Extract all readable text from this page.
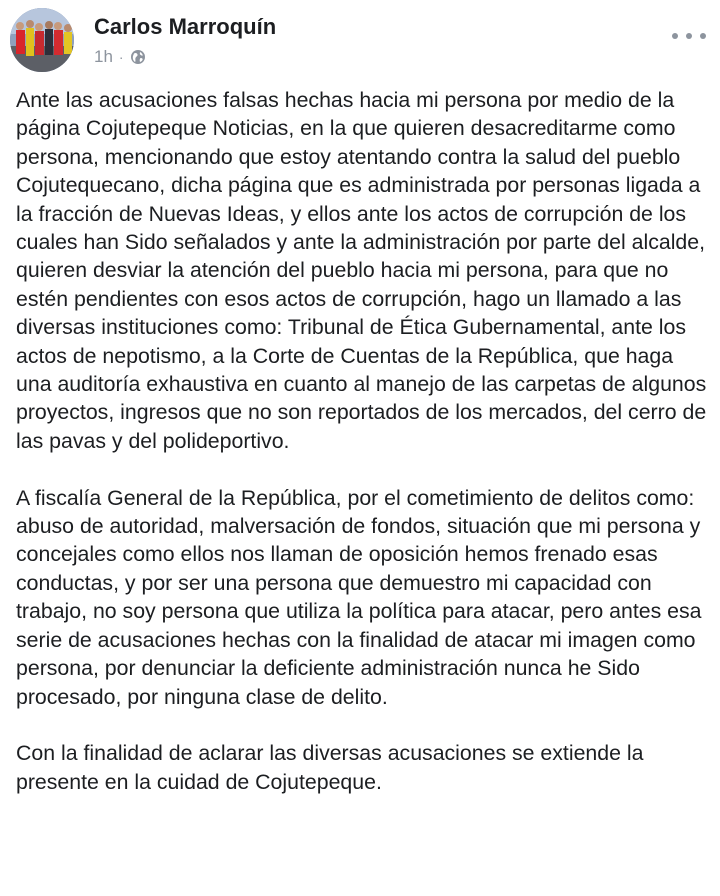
Carlos Marroquín
1h ·

Ante las acusaciones falsas hechas hacia mi persona por medio de la página Cojutepeque Noticias, en la que quieren desacreditarme como persona, mencionando que estoy atentando contra la salud del pueblo Cojutequecano, dicha página que es administrada por personas ligada a la fracción de Nuevas Ideas, y ellos ante los actos de corrupción de los cuales han Sido señalados y ante la administración por parte del alcalde, quieren desviar la atención del pueblo hacia mi persona, para que no estén pendientes con esos actos de corrupción, hago un llamado a las diversas instituciones como: Tribunal de Ética Gubernamental, ante los actos de nepotismo, a la Corte de Cuentas de la República, que haga una auditoría exhaustiva en cuanto al manejo de las carpetas de algunos proyectos, ingresos que no son reportados de los mercados, del cerro de las pavas y del polideportivo.

A fiscalía General de la República, por el cometimiento de delitos como: abuso de autoridad, malversación de fondos, situación que mi persona y concejales como ellos nos llaman de oposición hemos frenado esas conductas, y por ser una persona que demuestro mi capacidad con trabajo, no soy persona que utiliza la política para atacar, pero antes esa serie de acusaciones hechas con la finalidad de atacar mi imagen como persona, por denunciar la deficiente administración nunca he Sido procesado, por ninguna clase de delito.

Con la finalidad de aclarar las diversas acusaciones se extiende la presente en la cuidad de Cojutepeque.
